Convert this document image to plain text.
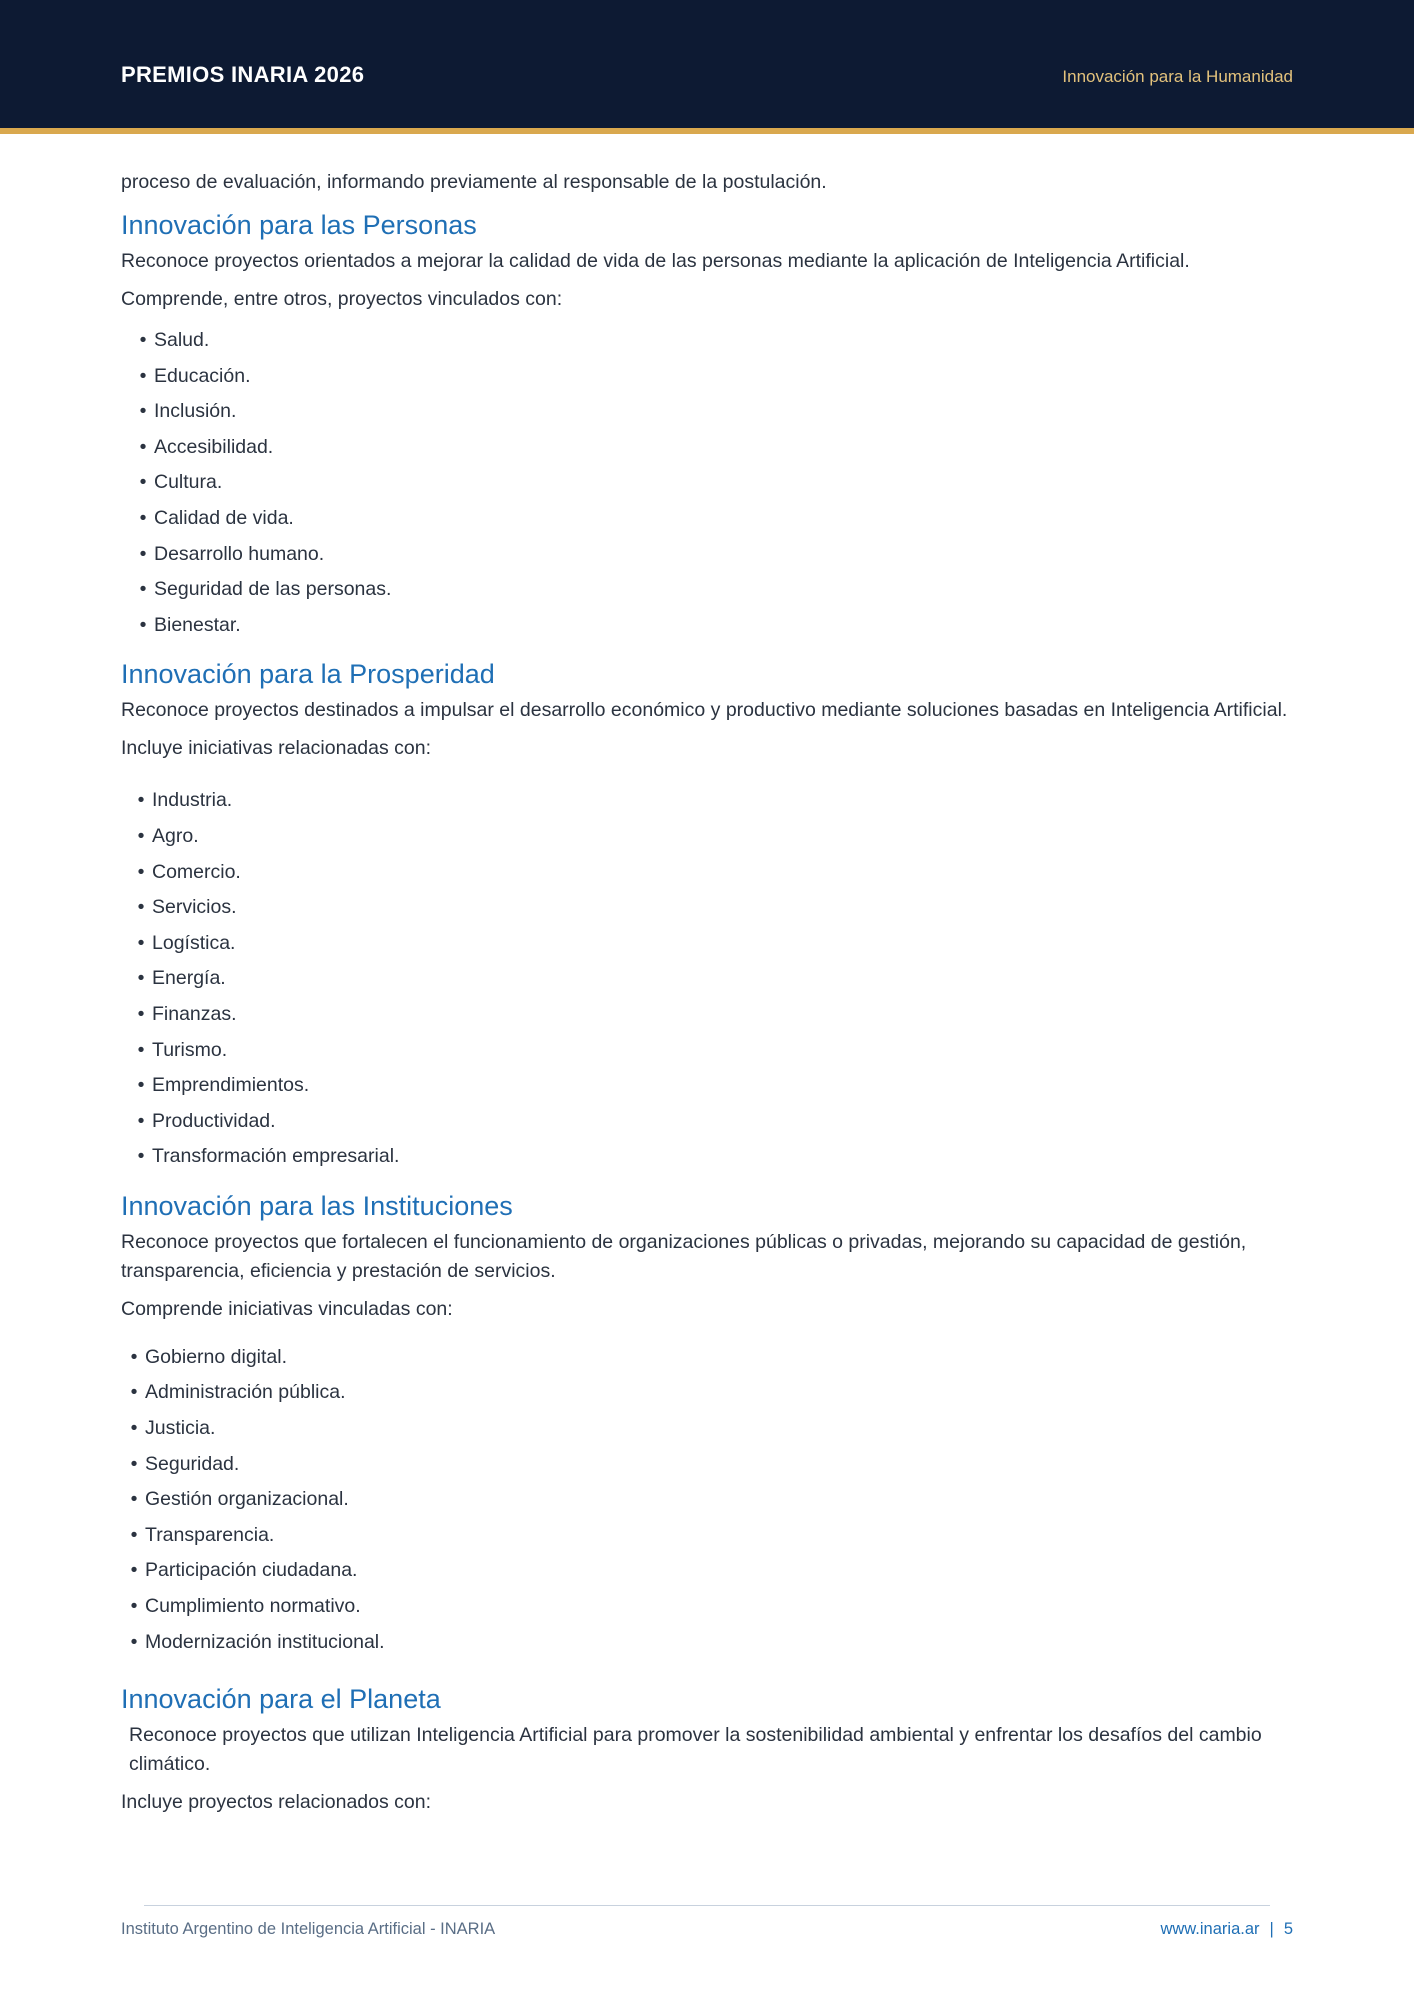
PREMIOS INARIA 2026	Innovación para la Humanidad

proceso de evaluación, informando previamente al responsable de la postulación.

Innovación para las Personas

Reconoce proyectos orientados a mejorar la calidad de vida de las personas mediante la aplicación de Inteligencia Artificial.

Comprende, entre otros, proyectos vinculados con:

• Salud.
• Educación.
• Inclusión.
• Accesibilidad.
• Cultura.
• Calidad de vida.
• Desarrollo humano.
• Seguridad de las personas.
• Bienestar.
Innovación para la Prosperidad

Reconoce proyectos destinados a impulsar el desarrollo económico y productivo mediante soluciones basadas en Inteligencia Artificial.

Incluye iniciativas relacionadas con:

• Industria.
• Agro.
• Comercio.
• Servicios.
• Logística.
• Energía.
• Finanzas.
• Turismo.
• Emprendimientos.
• Productividad.
• Transformación empresarial.
Innovación para las Instituciones

Reconoce proyectos que fortalecen el funcionamiento de organizaciones públicas o privadas, mejorando su capacidad de gestión, transparencia, eficiencia y prestación de servicios.

Comprende iniciativas vinculadas con:

• Gobierno digital.
• Administración pública.
• Justicia.
• Seguridad.
• Gestión organizacional.
• Transparencia.
• Participación ciudadana.
• Cumplimiento normativo.
• Modernización institucional.
Innovación para el Planeta

Reconoce proyectos que utilizan Inteligencia Artificial para promover la sostenibilidad ambiental y enfrentar los desafíos del cambio climático.

Incluye proyectos relacionados con:

Instituto Argentino de Inteligencia Artificial - INARIA	www.inaria.ar | 5
